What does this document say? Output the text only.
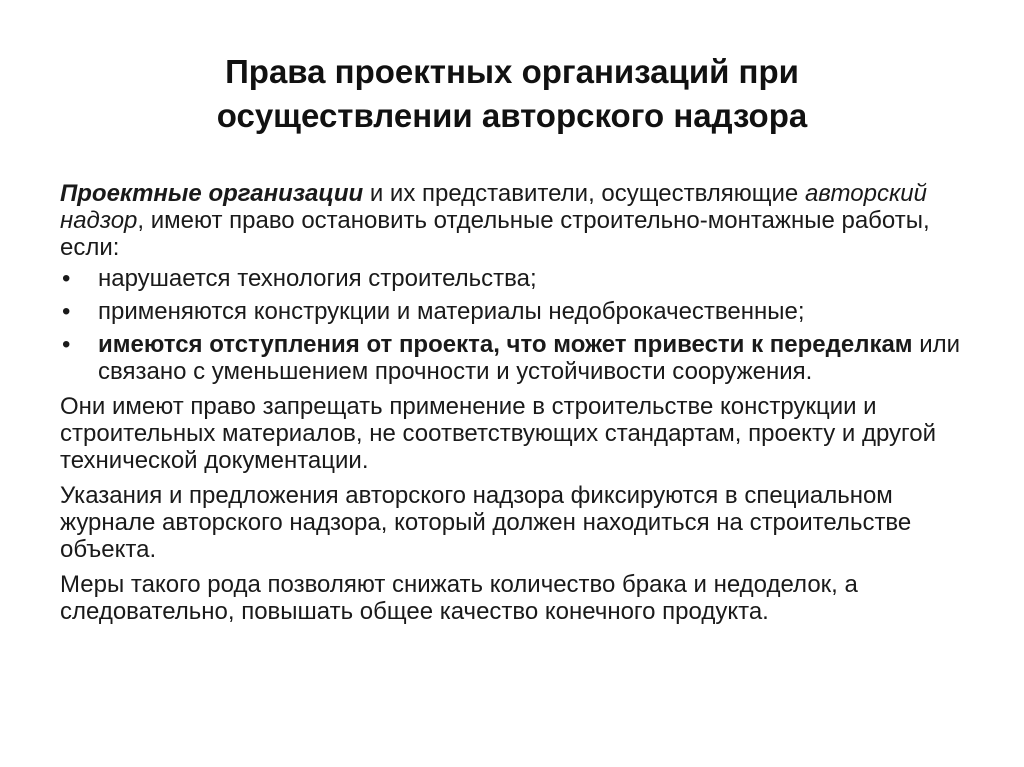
Права проектных организаций при
осуществлении авторского надзора

Проектные организации и их представители, осуществляющие авторский надзор, имеют право остановить отдельные строительно-монтажные работы, если:

• нарушается технология строительства;
• применяются конструкции и материалы недоброкачественные;
• имеются отступления от проекта, что может привести к переделкам или связано с уменьшением прочности и устойчивости сооружения.

Они имеют право запрещать применение в строительстве конструкции и строительных материалов, не соответствующих стандартам, проекту и другой технической документации.

Указания и предложения авторского надзора фиксируются в специальном журнале авторского надзора, который должен находиться на строительстве объекта.

Меры такого рода позволяют снижать количество брака и недоделок, а следовательно, повышать общее качество конечного продукта.
